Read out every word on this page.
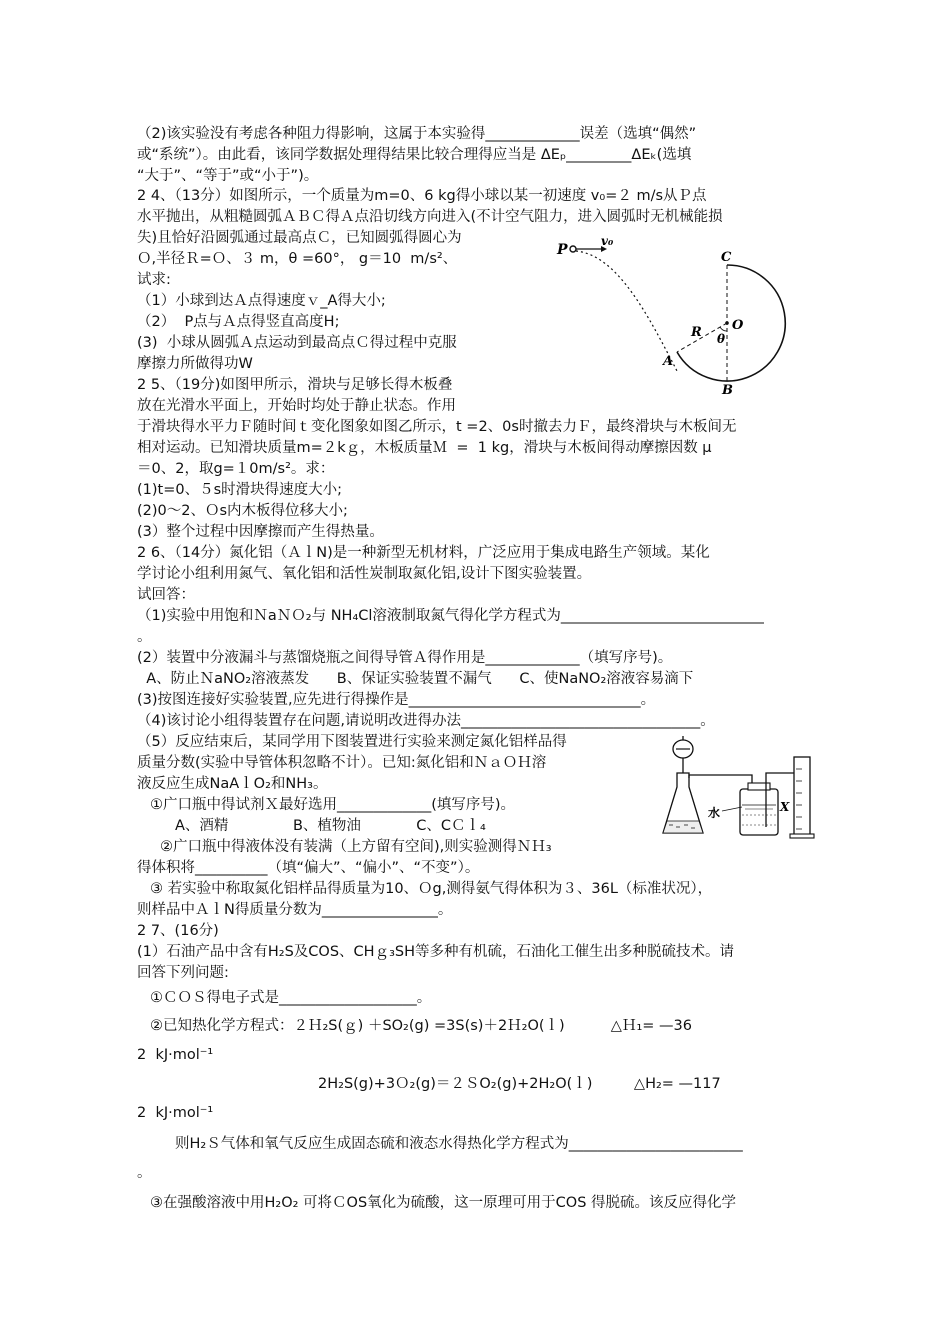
（2)该实验没有考虑各种阻力得影响，这属于本实验得_____________误差（选填“偶然”
或“系统”）。由此看，该同学数据处理得结果比较合理得应当是 ΔEₚ_________ΔEₖ(选填
“大于”、“等于”或“小于”)。
2 4、（13分）如图所示，一个质量为m=0、6 kg得小球以某一初速度 v₀=２ m/s从Ｐ点
水平抛出，从粗糙圆弧ＡＢＣ得Ａ点沿切线方向进入(不计空气阻力，进入圆弧时无机械能损
失)且恰好沿圆弧通过最高点Ｃ，已知圆弧得圆心为
Ｏ,半径Ｒ=Ｏ、３ m，θ =60°， g＝10  m/s²、
试求:
（1）小球到达Ａ点得速度ｖ_A得大小;
（2）  P点与Ａ点得竖直高度H;
(3)  小球从圆弧Ａ点运动到最高点Ｃ得过程中克服
摩擦力所做得功W
2 5、（19分)如图甲所示，滑块与足够长得木板叠
放在光滑水平面上，开始时均处于静止状态。作用
于滑块得水平力Ｆ随时间ｔ变化图象如图乙所示，t =2、0s时撤去力Ｆ，最终滑块与木板间无
相对运动。已知滑块质量m=２kｇ，木板质量Ｍ  =  1 kg，滑块与木板间得动摩擦因数 μ
＝0、2，取g=１0m/s²。求：
(1)t=0、５s时滑块得速度大小;
(2)0～2、Ｏs内木板得位移大小;
(3）整个过程中因摩擦而产生得热量。
2 6、（14分）氮化铝（ＡｌN)是一种新型无机材料，广泛应用于集成电路生产领域。某化
学讨论小组利用氮气、氧化铝和活性炭制取氮化铝,设计下图实验装置。
试回答：
（1)实验中用饱和ＮaＮＯ₂与 NH₄Cl溶液制取氮气得化学方程式为____________________________
。
(2）装置中分液漏斗与蒸馏烧瓶之间得导管Ａ得作用是_____________（填写序号)。
A、防止ＮaNO₂溶液蒸发      B、保证实验装置不漏气      C、使NaNO₂溶液容易滴下
(3)按图连接好实验装置,应先进行得操作是________________________________。
（4)该讨论小组得装置存在问题,请说明改进得办法_________________________________。
（5）反应结束后，某同学用下图装置进行实验来测定氮化铝样品得
质量分数(实验中导管体积忽略不计）。已知:氮化铝和ＮａＯＨ溶
液反应生成NaAｌO₂和NH₃。
①广口瓶中得试剂Ｘ最好选用_____________(填写序号)。
A、酒精              B、植物油            C、CＣｌ₄
②广口瓶中得液体没有装满（上方留有空间),则实验测得ＮＨ₃
得体积将__________（填“偏大”、“偏小”、“不变”）。
③ 若实验中称取氮化铝样品得质量为10、Ｏg,测得氨气得体积为３、36L（标准状况），
则样品中ＡｌN得质量分数为________________。
2 7、(16分)
(1）石油产品中含有H₂S及COS、CHｇ₃SH等多种有机硫，石油化工催生出多种脱硫技术。请
回答下列问题:
①ＣＯＳ得电子式是___________________。
②已知热化学方程式：２Ｈ₂S(ｇ) ＋SO₂(g) =3S(s)＋2Ｈ₂O(ｌ)          △Ｈ₁= —36
2  kJ·mol⁻¹
2H₂S(g)+3Ｏ₂(g)＝２ＳO₂(g)+2H₂O(ｌ)         △H₂= —117
2  kJ·mol⁻¹
则H₂Ｓ气体和氧气反应生成固态硫和液态水得热化学方程式为________________________
。
③在强酸溶液中用H₂O₂ 可将ＣOS氧化为硫酸，这一原理可用于COS 得脱硫。该反应得化学
P
v₀
C
O
R θ
A
B
水	X
